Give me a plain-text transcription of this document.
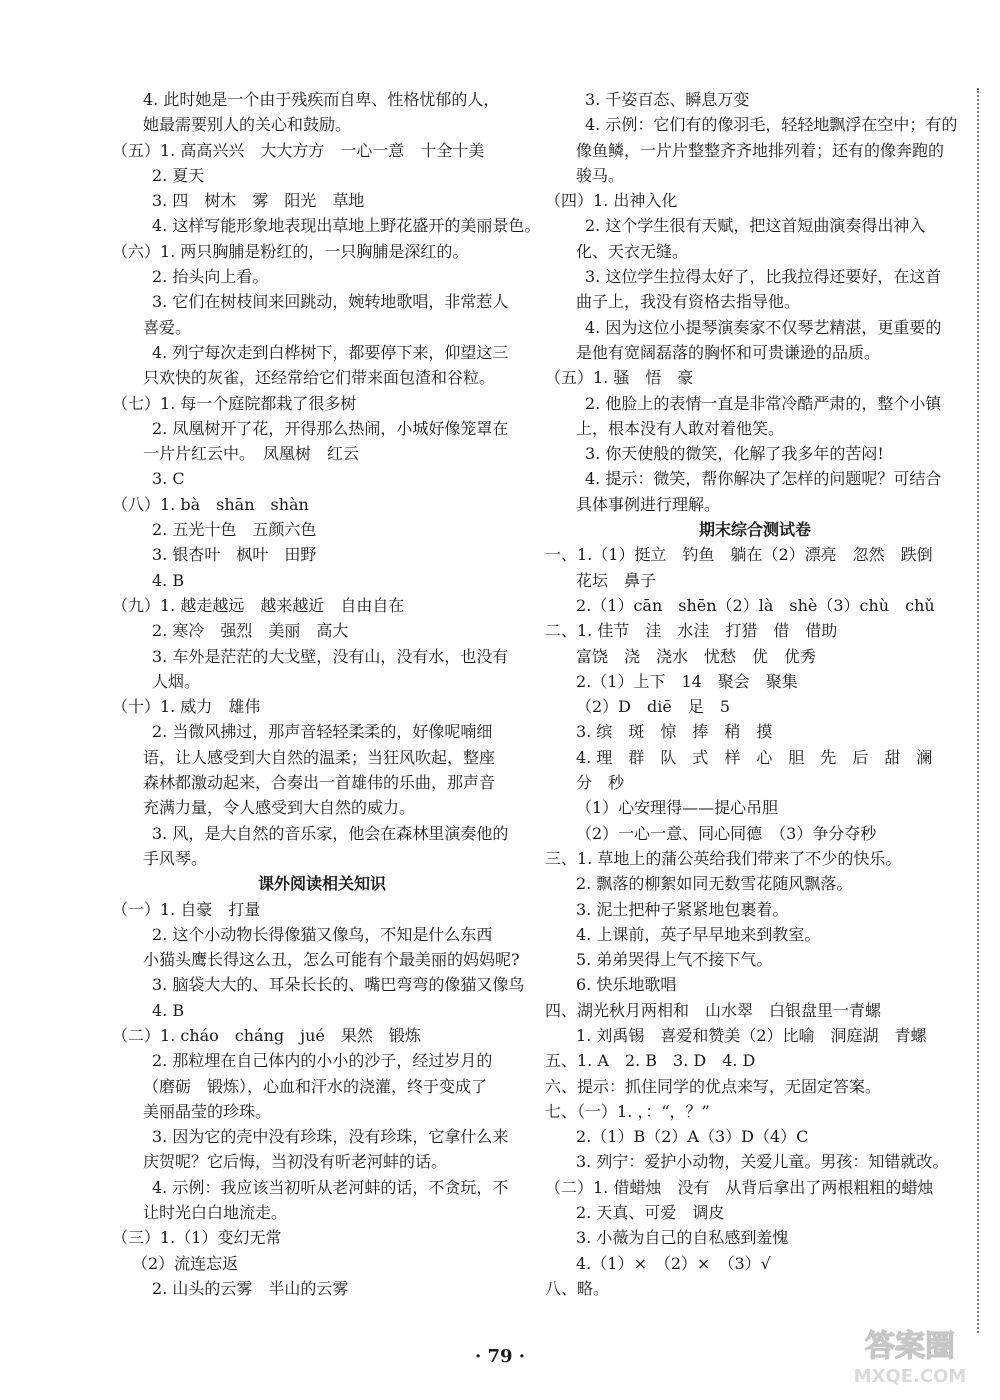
4. 此时她是一个由于残疾而自卑、性格忧郁的人，
她最需要别人的关心和鼓励。
（五）1. 高高兴兴　大大方方　一心一意　十全十美
2. 夏天
3. 四　树木　雾　阳光　草地
4. 这样写能形象地表现出草地上野花盛开的美丽景色。
（六）1. 两只胸脯是粉红的，一只胸脯是深红的。
2. 抬头向上看。
3. 它们在树枝间来回跳动，婉转地歌唱，非常惹人
喜爱。
4. 列宁每次走到白桦树下，都要停下来，仰望这三
只欢快的灰雀，还经常给它们带来面包渣和谷粒。
（七）1. 每一个庭院都栽了很多树
2. 凤凰树开了花，开得那么热闹，小城好像笼罩在
一片片红云中。　凤凰树　红云
3. C
（八）1. bà　shān　shàn
2. 五光十色　五颜六色
3. 银杏叶　枫叶　田野
4. B
（九）1. 越走越远　越来越近　自由自在
2. 寒冷　强烈　美丽　高大
3. 车外是茫茫的大戈壁，没有山，没有水，也没有
人烟。
（十）1. 威力　雄伟
2. 当微风拂过，那声音轻轻柔柔的，好像呢喃细
语，让人感受到大自然的温柔；当狂风吹起，整座
森林都激动起来，合奏出一首雄伟的乐曲，那声音
充满力量，令人感受到大自然的威力。
3. 风，是大自然的音乐家，他会在森林里演奏他的
手风琴。
课外阅读相关知识
（一）1. 自豪　打量
2. 这个小动物长得像猫又像鸟，不知是什么东西
小猫头鹰长得这么丑，怎么可能有个最美丽的妈妈呢?
3. 脑袋大大的、耳朵长长的、嘴巴弯弯的像猫又像鸟
4. B
（二）1. cháo　cháng　jué　果然　锻炼
2. 那粒埋在自己体内的小小的沙子，经过岁月的
（磨砺　锻炼），心血和汗水的浇灌，终于变成了
美丽晶莹的珍珠。
3. 因为它的壳中没有珍珠，没有珍珠，它拿什么来
庆贺呢？它后悔，当初没有听老河蚌的话。
4. 示例：我应该当初听从老河蚌的话，不贪玩，不
让时光白白地流走。
（三）1.（1）变幻无常
（2）流连忘返
2. 山头的云雾　半山的云雾
3. 千姿百态、瞬息万变
4. 示例：它们有的像羽毛，轻轻地飘浮在空中；有的
像鱼鳞，一片片整整齐齐地排列着；还有的像奔跑的
骏马。
（四）1. 出神入化
2. 这个学生很有天赋，把这首短曲演奏得出神入
化、天衣无缝。
3. 这位学生拉得太好了，比我拉得还要好，在这首
曲子上，我没有资格去指导他。
4. 因为这位小提琴演奏家不仅琴艺精湛，更重要的
是他有宽阔磊落的胸怀和可贵谦逊的品质。
（五）1. 骚　悟　豪
2. 他脸上的表情一直是非常冷酷严肃的，整个小镇
上，根本没有人敢对着他笑。
3. 你天使般的微笑，化解了我多年的苦闷!
4. 提示：微笑，帮你解决了怎样的问题呢？可结合
具体事例进行理解。
期末综合测试卷
一、1.（1）挺立　钓鱼　躺在（2）漂亮　忽然　跌倒
花坛　鼻子
2.（1）cān　shēn（2）là　shè（3）chù　chǔ
二、1. 佳节　洼　水洼　打猎　借　借助
富饶　浇　浇水　忧愁　优　优秀
2.（1）上下　14　聚会　聚集
（2）D　diē　足　5
3. 缤　斑　惊　捧　稍　摸
4. 理　群　队　式　样　心　胆　先　后　甜　澜
分　秒
（1）心安理得——提心吊胆
（2）一心一意、同心同德　（3）争分夺秒
三、1. 草地上的蒲公英给我们带来了不少的快乐。
2. 飘落的柳絮如同无数雪花随风飘落。
3. 泥土把种子紧紧地包裹着。
4. 上课前，英子早早地来到教室。
5. 弟弟哭得上气不接下气。
6. 快乐地歌唱
四、湖光秋月两相和　山水翠　白银盘里一青螺
1. 刘禹锡　喜爱和赞美（2）比喻　洞庭湖　青螺
五、1. A　2. B　3. D　4. D
六、提示：抓住同学的优点来写，无固定答案。
七、（一）1. ，：“，？”
2.（1）B（2）A（3）D（4）C
3. 列宁：爱护小动物，关爱儿童。男孩：知错就改。
（二）1. 借蜡烛　没有　从背后拿出了两根粗粗的蜡烛
2. 天真、可爱　调皮
3. 小薇为自己的自私感到羞愧
4.（1）×　（2）×　（3）√
八、略。
· 79 ·	答案圈
MXQE.COM
